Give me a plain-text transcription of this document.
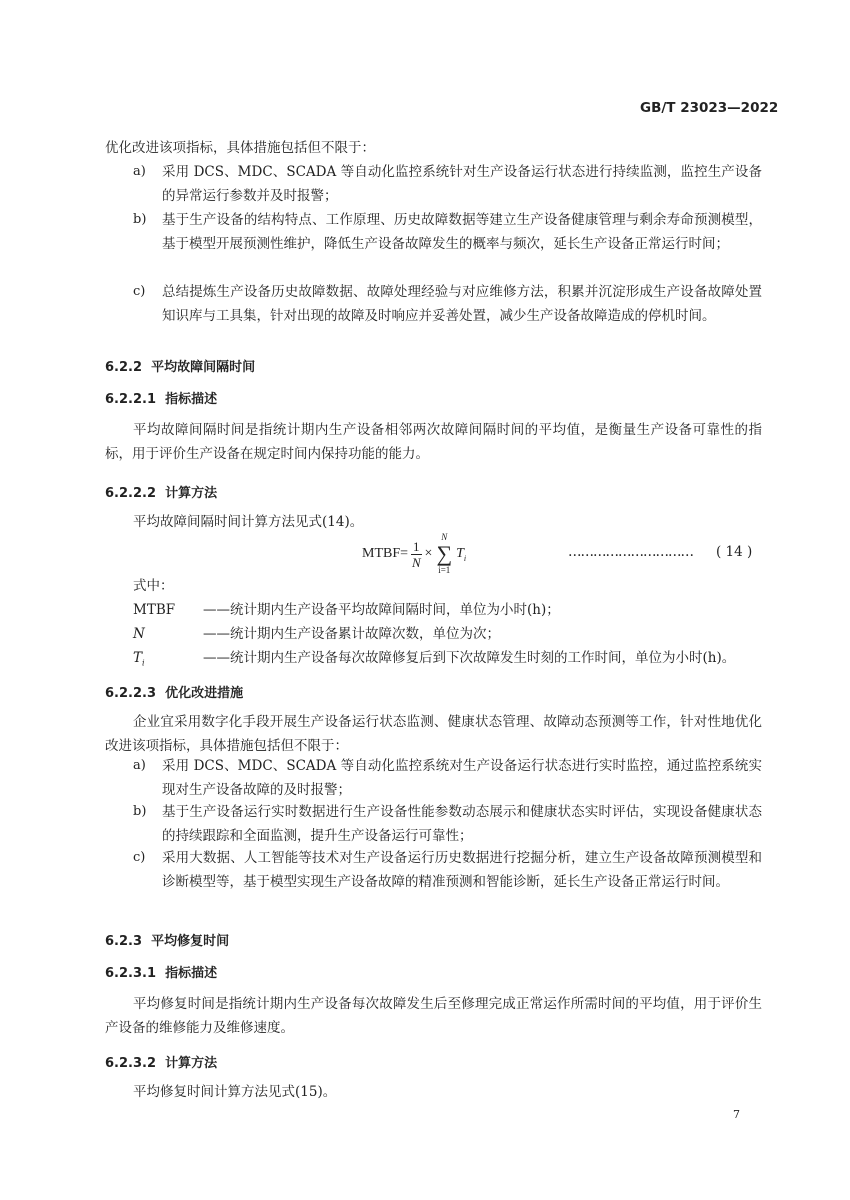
GB/T 23023—2022
优化改进该项指标，具体措施包括但不限于：
a) 采用 DCS、MDC、SCADA 等自动化监控系统针对生产设备运行状态进行持续监测，监控生产设备的异常运行参数并及时报警；
b) 基于生产设备的结构特点、工作原理、历史故障数据等建立生产设备健康管理与剩余寿命预测模型，基于模型开展预测性维护，降低生产设备故障发生的概率与频次，延长生产设备正常运行时间；
c) 总结提炼生产设备历史故障数据、故障处理经验与对应维修方法，积累并沉淀形成生产设备故障处置知识库与工具集，针对出现的故障及时响应并妥善处置，减少生产设备故障造成的停机时间。
6.2.2 平均故障间隔时间
6.2.2.1 指标描述
平均故障间隔时间是指统计期内生产设备相邻两次故障间隔时间的平均值，是衡量生产设备可靠性的指标，用于评价生产设备在规定时间内保持功能的能力。
6.2.2.2 计算方法
平均故障间隔时间计算方法见式(14)。
MTBF = $\frac{1}{N}$ ×
N
∑
i=1
$T_i$	………………………… ( 14 )
式中：
MTBF ——统计期内生产设备平均故障间隔时间，单位为小时(h)；
N	——统计期内生产设备累计故障次数，单位为次；
$T_i$	——统计期内生产设备每次故障修复后到下次故障发生时刻的工作时间，单位为小时(h)。
6.2.2.3 优化改进措施
企业宜采用数字化手段开展生产设备运行状态监测、健康状态管理、故障动态预测等工作，针对性地优化改进该项指标，具体措施包括但不限于：
a) 采用 DCS、MDC、SCADA 等自动化监控系统对生产设备运行状态进行实时监控，通过监控系统实现对生产设备故障的及时报警；
b) 基于生产设备运行实时数据进行生产设备性能参数动态展示和健康状态实时评估，实现设备健康状态的持续跟踪和全面监测，提升生产设备运行可靠性；
c) 采用大数据、人工智能等技术对生产设备运行历史数据进行挖掘分析，建立生产设备故障预测模型和诊断模型等，基于模型实现生产设备故障的精准预测和智能诊断，延长生产设备正常运行时间。
6.2.3 平均修复时间
6.2.3.1 指标描述
平均修复时间是指统计期内生产设备每次故障发生后至修理完成正常运作所需时间的平均值，用于评价生产设备的维修能力及维修速度。
6.2.3.2 计算方法
平均修复时间计算方法见式(15)。
7
